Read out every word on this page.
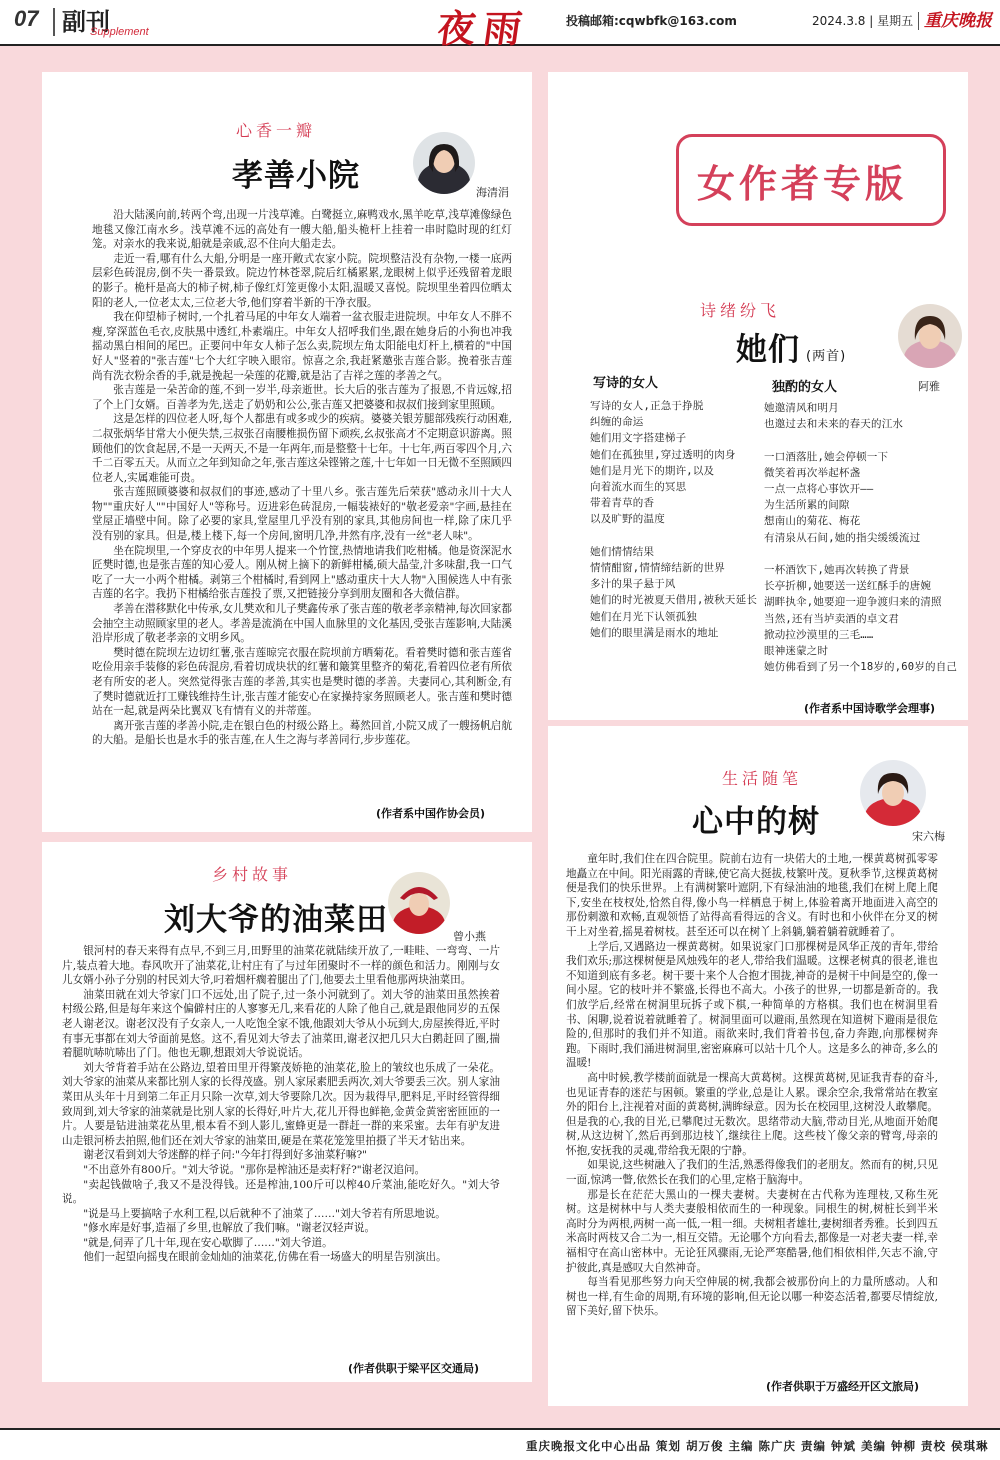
07 副刊
Supplement	夜雨	投稿邮箱:cqwbfk@163.com	2024.3.8 | 星期五 重庆晚报
心香一瓣
孝善小院	海清涓

沿大陆溪向前,转两个弯,出现一片浅草滩。白鹭挺立,麻鸭戏水,黑羊吃草,浅草滩像绿色地毯又像江南水乡。浅草滩不远的高处有一艘大船,船头桅杆上挂着一串时隐时现的红灯笼。对亲水的我来说,船就是亲戚,忍不住向大船走去。

走近一看,哪有什么大船,分明是一座开敞式农家小院。院坝整洁没有杂物,一楼一底两层彩色砖混房,倒不失一番景致。院边竹林苍翠,院后红橘累累,龙眼树上似乎还残留着龙眼的影子。桅杆是高大的柿子树,柿子像红灯笼更像小太阳,温暖又喜悦。院坝里坐着四位晒太阳的老人,一位老太太,三位老大爷,他们穿着半新的干净衣服。

我在仰望柿子树时,一个扎着马尾的中年女人端着一盆衣服走进院坝。中年女人不胖不瘦,穿深蓝色毛衣,皮肤黑中透红,朴素端庄。中年女人招呼我们坐,跟在她身后的小狗也冲我摇动黑白相间的尾巴。正要问中年女人柿子怎么卖,院坝左角太阳能电灯杆上,横着的"中国好人"竖着的"张吉莲"七个大红字映入眼帘。惊喜之余,我赶紧邀张吉莲合影。挽着张吉莲尚有洗衣粉余香的手,就是挽起一朵莲的花瓣,就是沾了吉祥之莲的孝善之气。

张吉莲是一朵苦命的莲,不到一岁半,母亲逝世。长大后的张吉莲为了报恩,不肯远嫁,招了个上门女婿。百善孝为先,送走了奶奶和公公,张吉莲又把婆婆和叔叔们接到家里照顾。

这是怎样的四位老人呀,每个人都患有或多或少的疾病。婆婆关银芳腿部残疾行动困难,二叔张炳华甘常大小便失禁,三叔张召南腰椎损伤留下顽疾,幺叔张高才不定期意识游离。照顾他们的饮食起居,不是一天两天,不是一年两年,而是整整十七年。十七年,两百零四个月,六千二百零五天。从而立之年到知命之年,张吉莲这朵铿锵之莲,十七年如一日无微不至照顾四位老人,实属难能可贵。

张吉莲照顾婆婆和叔叔们的事迹,感动了十里八乡。张吉莲先后荣获"感动永川十大人物""重庆好人""中国好人"等称号。迈进彩色砖混房,一幅装裱好的"敬老爱亲"字画,悬挂在堂屋正墙壁中间。除了必要的家具,堂屋里几乎没有别的家具,其他房间也一样,除了床几乎没有别的家具。但是,楼上楼下,每一个房间,窗明几净,井然有序,没有一丝"老人味"。

坐在院坝里,一个穿皮衣的中年男人提来一个竹筐,热情地请我们吃柑橘。他是资深泥水匠樊时德,也是张吉莲的知心爱人。刚从树上摘下的新鲜柑橘,硕大晶莹,汁多味甜,我一口气吃了一大一小两个柑橘。剥第三个柑橘时,看到网上"感动重庆十大人物"入围候选人中有张吉莲的名字。我扔下柑橘给张吉莲投了票,又把链接分享到朋友圈和各大微信群。

孝善在潜移默化中传承,女儿樊欢和儿子樊鑫传承了张吉莲的敬老孝亲精神,每次回家都会抽空主动照顾家里的老人。孝善是流淌在中国人血脉里的文化基因,受张吉莲影响,大陆溪沿岸形成了敬老孝亲的文明乡风。

樊时德在院坝左边切红薯,张吉莲晾完衣服在院坝前方晒菊花。看着樊时德和张吉莲省吃俭用亲手装修的彩色砖混房,看着切成块状的红薯和簸箕里整齐的菊花,看着四位老有所依老有所安的老人。突然觉得张吉莲的孝善,其实也是樊时德的孝善。夫妻同心,其利断金,有了樊时德就近打工赚钱维持生计,张吉莲才能安心在家操持家务照顾老人。张吉莲和樊时德站在一起,就是两朵比翼双飞有情有义的并蒂莲。

离开张吉莲的孝善小院,走在银白色的村级公路上。蓦然回首,小院又成了一艘扬帆启航的大船。是船长也是水手的张吉莲,在人生之海与孝善同行,步步莲花。

(作者系中国作协会员)
乡村故事
刘大爷的油菜田	曾小燕

银河村的春天来得有点早,不到三月,田野里的油菜花就陆续开放了,一畦畦、一弯弯、一片片,装点着大地。春风吹开了油菜花,让村庄有了与过年团聚时不一样的颜色和活力。刚刚与女儿女婿小孙子分别的村民刘大爷,叼着烟杆瘸着腿出了门,他要去土里看他那两块油菜田。

油菜田就在刘大爷家门口不远处,出了院子,过一条小河就到了。刘大爷的油菜田虽然挨着村级公路,但是每年来这个偏僻村庄的人寥寥无几,来看花的人除了他自己,就是跟他同岁的五保老人谢老汉。谢老汉没有子女亲人,一人吃饱全家不饿,他跟刘大爷从小玩到大,房屋挨得近,平时有事无事都在刘大爷面前晃悠。这不,看见刘大爷去了油菜田,谢老汉把几只大白鹅赶回了圈,揣着腿吭哧吭哧出了门。他也无聊,想跟刘大爷说说话。

刘大爷背着手站在公路边,望着田里开得繁茂娇艳的油菜花,脸上的皱纹也乐成了一朵花。刘大爷家的油菜从来都比别人家的长得茂盛。别人家尿素肥丢两次,刘大爷要丢三次。别人家油菜田从头年十月到第二年正月只除一次草,刘大爷要除几次。因为栽得早,肥料足,平时经管得细致周到,刘大爷家的油菜就是比别人家的长得好,叶片大,花儿开得也鲜艳,金黄金黄密密匝匝的一片。人要是钻进油菜花丛里,根本看不到人影儿,蜜蜂更是一群赶一群的来采蜜。去年有驴友进山走银河桥去拍照,他们还在刘大爷家的油菜田,硬是在菜花笼笼里拍摄了半天才钻出来。

谢老汉看到刘大爷迷醉的样子问:"今年打得到好多油菜籽嘛?"

"不出意外有800斤。"刘大爷说。"那你是榨油还是卖籽籽?"谢老汉追问。

"卖起钱做啥子,我又不是没得钱。还是榨油,100斤可以榨40斤菜油,能吃好久。"刘大爷说。

"说是马上要搞啥子水利工程,以后就种不了油菜了……"刘大爷若有所思地说。

"修水库是好事,造福了乡里,也解放了我们嘛。"谢老汉轻声说。

"就是,伺弄了几十年,现在安心歇脚了……"刘大爷道。

他们一起望向摇曳在眼前金灿灿的油菜花,仿佛在看一场盛大的明星告别演出。

(作者供职于梁平区交通局)
女作者专版
诗绪纷飞
她们 (两首)
阿雅
写诗的女人
写诗的女人,正急于挣脱
纠缠的命运
她们用文字搭建梯子
她们在孤独里,穿过透明的肉身
她们是月光下的期许,以及
向着流水而生的冥思
带着青草的香
以及旷野的温度

她们情情结果
情情酣窗,情情缔结新的世界
多汁的果子悬于风
她们的时光被夏天借用,被秋天延长
她们在月光下认领孤独
她们的眼里满是雨水的地址
独酌的女人
她邀清风和明月
也邀过去和未来的春天的江水

一口酒落肚,她会停顿一下
微笑着再次举起杯盏
一点一点将心事饮开——
为生活所累的间隙
想南山的菊花、梅花
有清泉从石间,她的指尖缓缓流过

一杯酒饮下,她再次转换了背景
长亭折柳,她要送一送红酥手的唐婉
湖畔执伞,她要迎一迎争渡归来的清照
当然,还有当垆卖酒的卓文君
掀动拉沙漠里的三毛……
眼神迷蒙之时
她仿佛看到了另一个18岁的,60岁的自己
(作者系中国诗歌学会理事)
生活随笔
心中的树	宋六梅

童年时,我们住在四合院里。院前右边有一块偌大的土地,一棵黄葛树孤零零地矗立在中间。阳光雨露的青睐,使它高大挺拔,枝繁叶茂。夏秋季节,这棵黄葛树便是我们的快乐世界。上有满树繁叶遮阴,下有绿油油的地毯,我们在树上爬上爬下,安坐在枝杈处,恰然自得,像小鸟一样栖息于树上,体验着离开地面进入高空的那份刺激和欢畅,直观领悟了站得高看得远的含义。有时也和小伙伴在分叉的树干上对坐着,摇晃着树枝。甚至还可以在树丫上斜躺,躺着躺着就睡着了。

上学后,又遇路边一棵黄葛树。如果说家门口那棵树是风华正茂的青年,带给我们欢乐;那这棵树便是风烛残年的老人,带给我们温暖。这棵老树真的很老,谁也不知道到底有多老。树干要十来个人合抱才围拢,神奇的是树干中间是空的,像一间小屋。它的枝叶并不繁盛,长得也不高大。小孩子的世界,一切都是新奇的。我们放学后,经常在树洞里玩拆子或下棋,一种简单的方格棋。我们也在树洞里看书、闲聊,说着说着就睡着了。树洞里面可以避雨,虽然现在知道树下避雨是很危险的,但那时的我们并不知道。雨欲来时,我们背着书包,奋力奔跑,向那棵树奔跑。下雨时,我们涌进树洞里,密密麻麻可以站十几个人。这是多么的神奇,多么的温暖!

高中时候,教学楼前面就是一棵高大黄葛树。这棵黄葛树,见证我青春的奋斗,也见证青春的迷茫与困顿。繁重的学业,总是让人累。课余空余,我常常站在教室外的阳台上,注视着对面的黄葛树,满眸绿意。因为长在校园里,这树没人敢攀爬。但是我的心,我的目光,已攀爬过无数次。思绪带动大脑,带动目光,从地面开始爬树,从这边树丫,然后再到那边枝丫,继续往上爬。这些枝丫像父亲的臂弯,母亲的怀抱,安抚我的灵魂,带给我无限的宁静。

如果说,这些树融入了我们的生活,熟悉得像我们的老朋友。然而有的树,只见一面,惊鸿一瞥,依然长在我们的心里,定格于脑海中。

那是长在茫茫大黑山的一棵夫妻树。夫妻树在古代称为连理枝,又称生死树。这是树林中与人类夫妻般相依而生的一种现象。同根生的树,树桩长到半米高时分为两根,两树一高一低,一粗一细。夫树粗者雄壮,妻树细者秀雅。长到四五米高时两枝又合二为一,相互交错。无论哪个方向看去,都像是一对老夫妻一样,幸福相守在高山密林中。无论狂风骤雨,无论严寒酷暑,他们相依相伴,矢志不渝,守护彼此,真是感叹大自然神奇。

每当看见那些努力向天空伸展的树,我都会被那份向上的力量所感动。人和树也一样,有生命的周期,有环境的影响,但无论以哪一种姿态活着,都要尽情绽放,留下美好,留下快乐。

(作者供职于万盛经开区文旅局)
重庆晚报文化中心出品 策划 胡万俊 主编 陈广庆 责编 钟斌 美编 钟柳 责校 侯琪琳
